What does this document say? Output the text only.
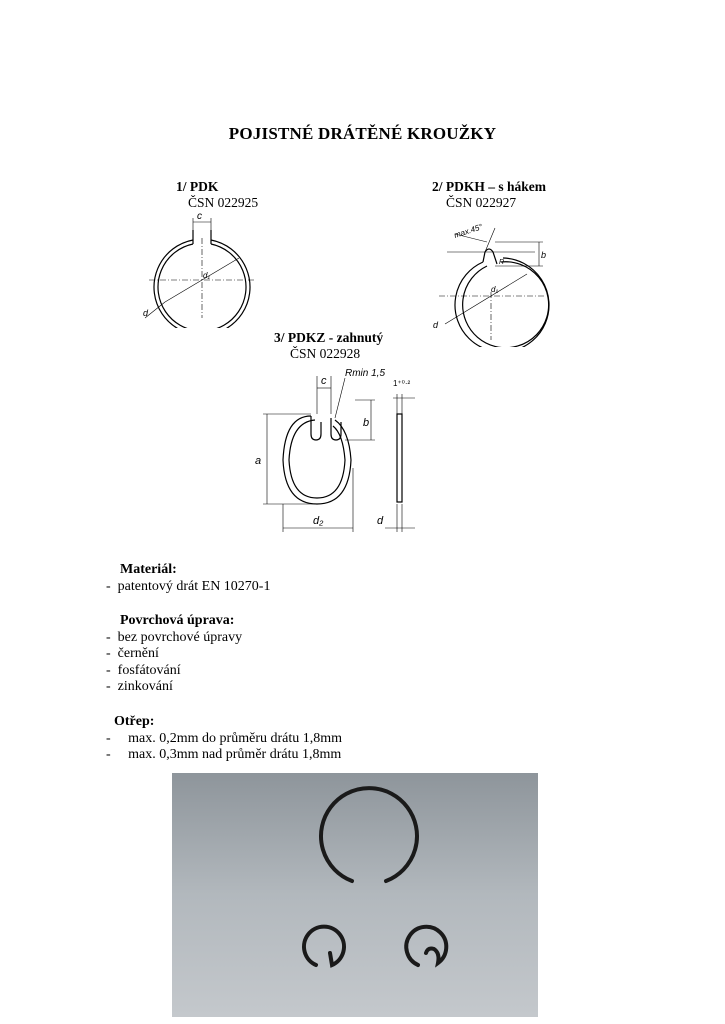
POJISTNÉ DRÁTĚNÉ KROUŽKY
1/ PDK
ČSN 022925
2/ PDKH – s hákem
ČSN 022927
c
d₁
d
max.45°
b
R
d₁
d
3/ PDKZ - zahnutý
ČSN 022928
c
Rmin 1,5
1⁺⁰·²
b
a
d₂	d
Materiál:
- patentový drát EN 10270-1
Povrchová úprava:
- bez povrchové úpravy
- černění
- fosfátování
- zinkování
Otřep:
- max. 0,2mm do průměru drátu 1,8mm
- max. 0,3mm nad průměr drátu 1,8mm
